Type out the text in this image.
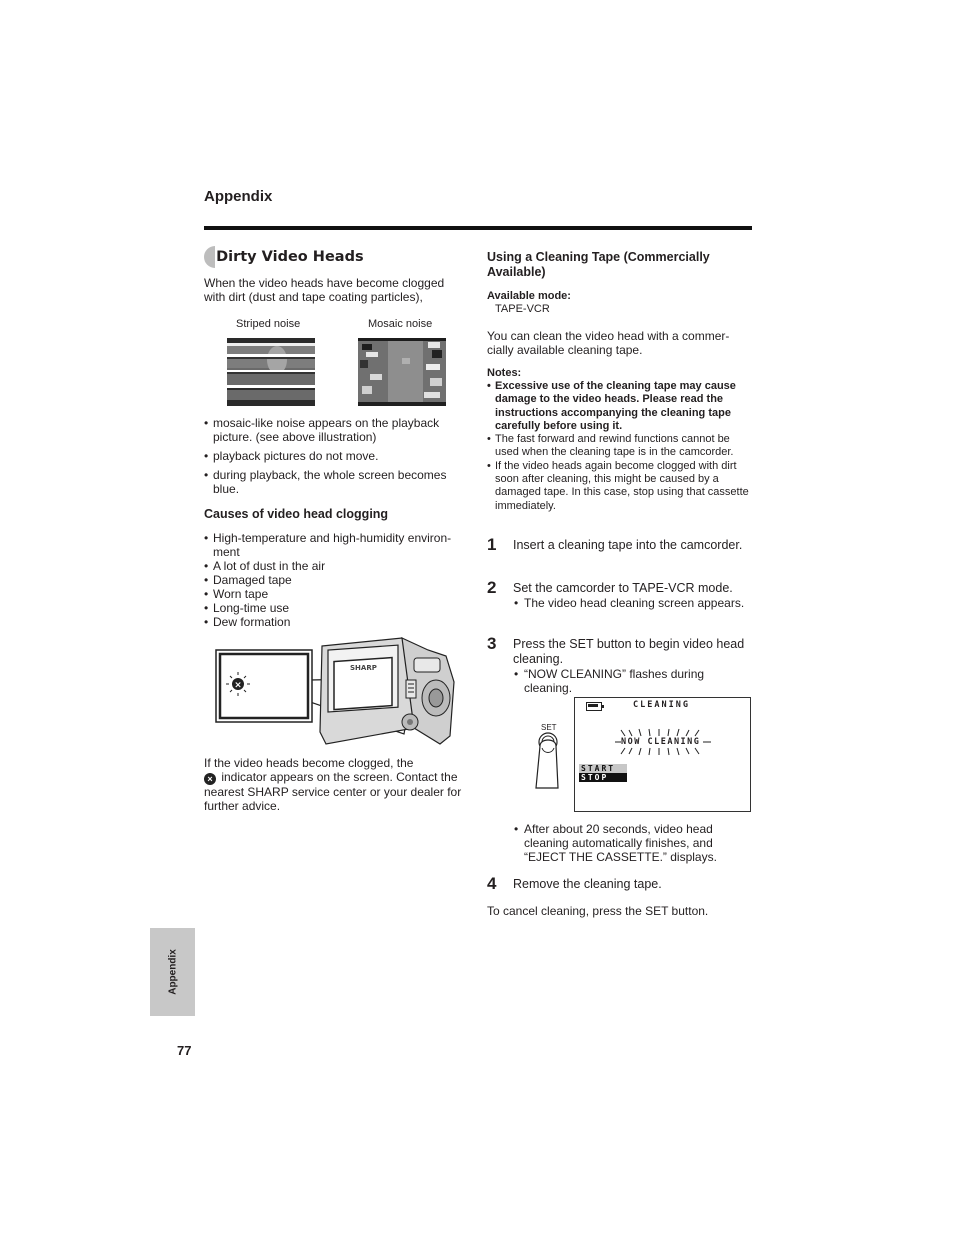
Appendix
Dirty Video Heads
When the video heads have become clogged with dirt (dust and tape coating particles),
Striped noise	Mosaic noise
• mosaic-like noise appears on the playback picture. (see above illustration)
• playback pictures do not move.
• during playback, the whole screen becomes blue.
Causes of video head clogging
• High-temperature and high-humidity environ- ment
• A lot of dust in the air
• Damaged tape
• Worn tape
• Long-time use
• Dew formation
×
SHARP
If the video heads become clogged, the
× indicator appears on the screen. Contact the nearest SHARP service center or your dealer for further advice.
Using a Cleaning Tape (Commercially Available)
Available mode:
TAPE-VCR
You can clean the video head with a commer- cially available cleaning tape.
Notes:
• Excessive use of the cleaning tape may cause damage to the video heads. Please read the instructions accompanying the cleaning tape carefully before using it.
• The fast forward and rewind functions cannot be used when the cleaning tape is in the camcorder.
• If the video heads again become clogged with dirt soon after cleaning, this might be caused by a damaged tape. In this case, stop using that cassette immediately.
1 Insert a cleaning tape into the camcorder.
2 Set the camcorder to TAPE-VCR mode.
• The video head cleaning screen appears.
3 Press the SET button to begin video head cleaning.
• “NOW CLEANING” flashes during cleaning.
SET
CLEANING
NOW CLEANING
START
STOP
• After about 20 seconds, video head cleaning automatically finishes, and “EJECT THE CASSETTE.” displays.
4 Remove the cleaning tape.
To cancel cleaning, press the SET button.
Appendix
77
